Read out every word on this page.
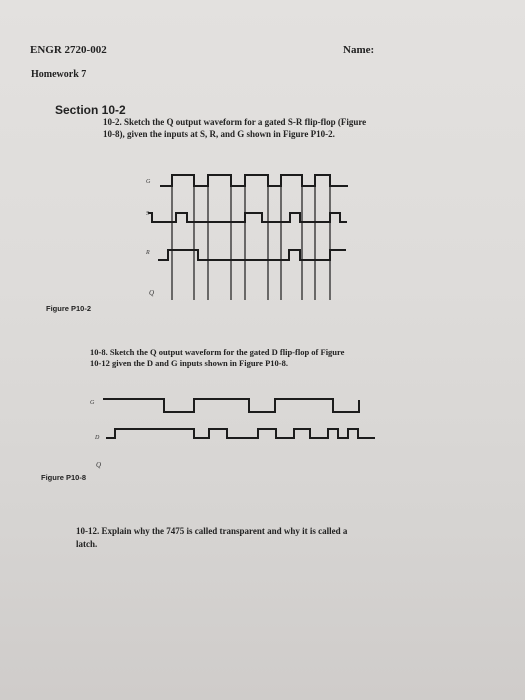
ENGR 2720-002	Name:
Homework 7
Section 10-2
10-2. Sketch the Q output waveform for a gated S-R flip-flop (Figure
10-8), given the inputs at S, R, and G shown in Figure P10-2.
G
S
R
Q
Figure P10-2
10-8. Sketch the Q output waveform for the gated D flip-flop of Figure
10-12 given the D and G inputs shown in Figure P10-8.
G
D
Q
Figure P10-8
10-12. Explain why the 7475 is called transparent and why it is called a
latch.
